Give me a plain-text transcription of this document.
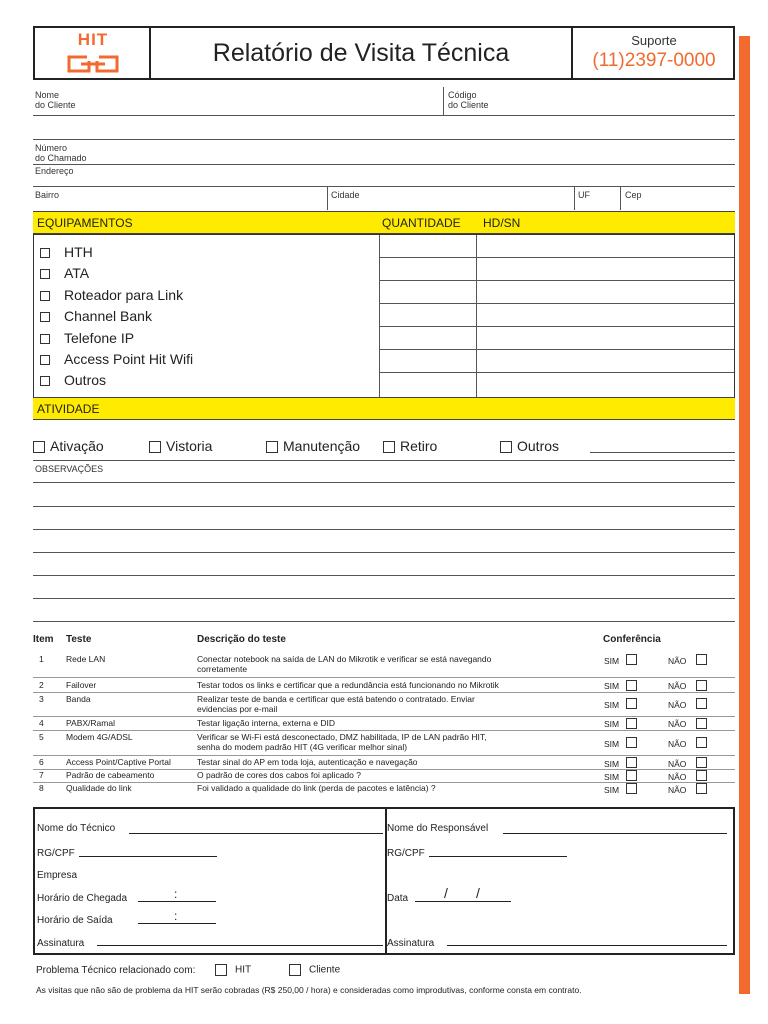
HIT	Relatório de Visita Técnica	Suporte
(11)2397-0000
Nome
do Cliente
Código
do Cliente
Número
do Chamado
Endereço
Bairro	Cidade	UF	Cep
EQUIPAMENTOS	QUANTIDADE HD/SN
HTH
ATA
Roteador para Link
Channel Bank
Telefone IP
Access Point Hit Wifi
Outros
ATIVIDADE
Ativação	Vistoria	Manutenção	Retiro	Outros
OBSERVAÇÕES
Item Teste	Descrição do teste	Conferência
1	Rede LAN	Conectar notebook na saída de LAN do Mikrotik e verificar se está navegando
corretamente
SIM	NÃO
2	Failover	Testar todos os links e certificar que a redundância está funcionando no Mikrotik	SIM	NÃO
3	Banda	Realizar teste de banda e certificar que está batendo o contratado. Enviar
evidencias por e-mail	SIM	NÃO
4	PABX/Ramal	Testar ligação interna, externa e DID	SIM	NÃO
5	Modem 4G/ADSL	Verificar se Wi-Fi está desconectado, DMZ habilitada, IP de LAN padrão HIT,
senha do modem padrão HIT (4G verificar melhor sinal)	SIM	NÃO
6	Access Point/Captive Portal	Testar sinal do AP em toda loja, autenticação e navegação	SIM	NÃO
7	Padrão de cabeamento	O padrão de cores dos cabos foi aplicado ?	SIM	NÃO
8	Qualidade do link	Foi validado a qualidade do link (perda de pacotes e latência) ?	SIM	NÃO
Nome do Técnico
RG/CPF
Empresa
Horário de Chegada	:
Horário de Saída	:
Assinatura
Nome do Responsável
RG/CPF
Data	/ /
Assinatura
Problema Técnico relacionado com:	HIT	Cliente
As visitas que não são de problema da HIT serão cobradas (R$ 250,00 / hora) e consideradas como improdutivas, conforme consta em contrato.
